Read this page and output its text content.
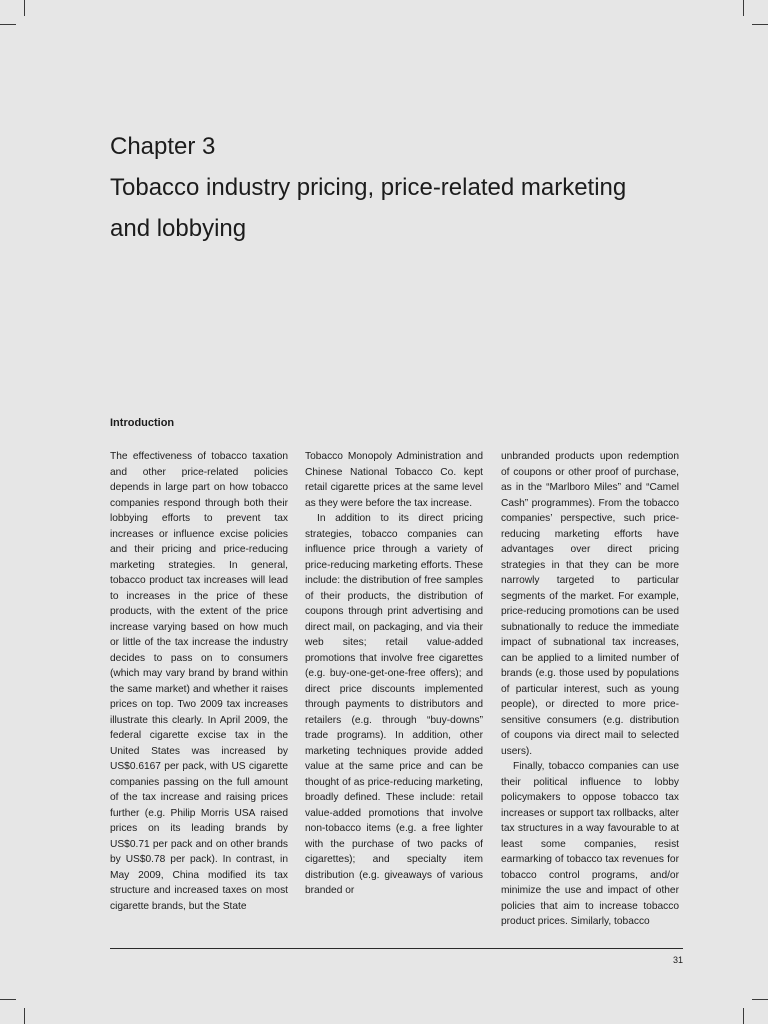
Chapter 3
Tobacco industry pricing, price-related marketing
and lobbying
Introduction

The effectiveness of tobacco taxation and other price-related policies depends in large part on how tobacco companies respond through both their lobbying efforts to prevent tax increases or influence excise policies and their pricing and price-reducing marketing strategies. In general, tobacco product tax increases will lead to increases in the price of these products, with the extent of the price increase varying based on how much or little of the tax increase the industry decides to pass on to consumers (which may vary brand by brand within the same market) and whether it raises prices on top. Two 2009 tax increases illustrate this clearly. In April 2009, the federal cigarette excise tax in the United States was increased by US$0.6167 per pack, with US cigarette companies passing on the full amount of the tax increase and raising prices further (e.g. Philip Morris USA raised prices on its leading brands by US$0.71 per pack and on other brands by US$0.78 per pack). In contrast, in May 2009, China modified its tax structure and increased taxes on most cigarette brands, but the State

Tobacco Monopoly Administration and Chinese National Tobacco Co. kept retail cigarette prices at the same level as they were before the tax increase.

In addition to its direct pricing strategies, tobacco companies can influence price through a variety of price-reducing marketing efforts. These include: the distribution of free samples of their products, the distribution of coupons through print advertising and direct mail, on packaging, and via their web sites; retail value-added promotions that involve free cigarettes (e.g. buy-one-get-one-free offers); and direct price discounts implemented through payments to distributors and retailers (e.g. through “buy-downs” trade programs). In addition, other marketing techniques provide added value at the same price and can be thought of as price-reducing marketing, broadly defined. These include: retail value-added promotions that involve non-tobacco items (e.g. a free lighter with the purchase of two packs of cigarettes); and specialty item distribution (e.g. giveaways of various branded or

unbranded products upon redemption of coupons or other proof of purchase, as in the “Marlboro Miles” and “Camel Cash” programmes). From the tobacco companies’ perspective, such price-reducing marketing efforts have advantages over direct pricing strategies in that they can be more narrowly targeted to particular segments of the market. For example, price-reducing promotions can be used subnationally to reduce the immediate impact of subnational tax increases, can be applied to a limited number of brands (e.g. those used by populations of particular interest, such as young people), or directed to more price-sensitive consumers (e.g. distribution of coupons via direct mail to selected users).

Finally, tobacco companies can use their political influence to lobby policymakers to oppose tobacco tax increases or support tax rollbacks, alter tax structures in a way favourable to at least some companies, resist earmarking of tobacco tax revenues for tobacco control programs, and/or minimize the use and impact of other policies that aim to increase tobacco product prices. Similarly, tobacco

31
